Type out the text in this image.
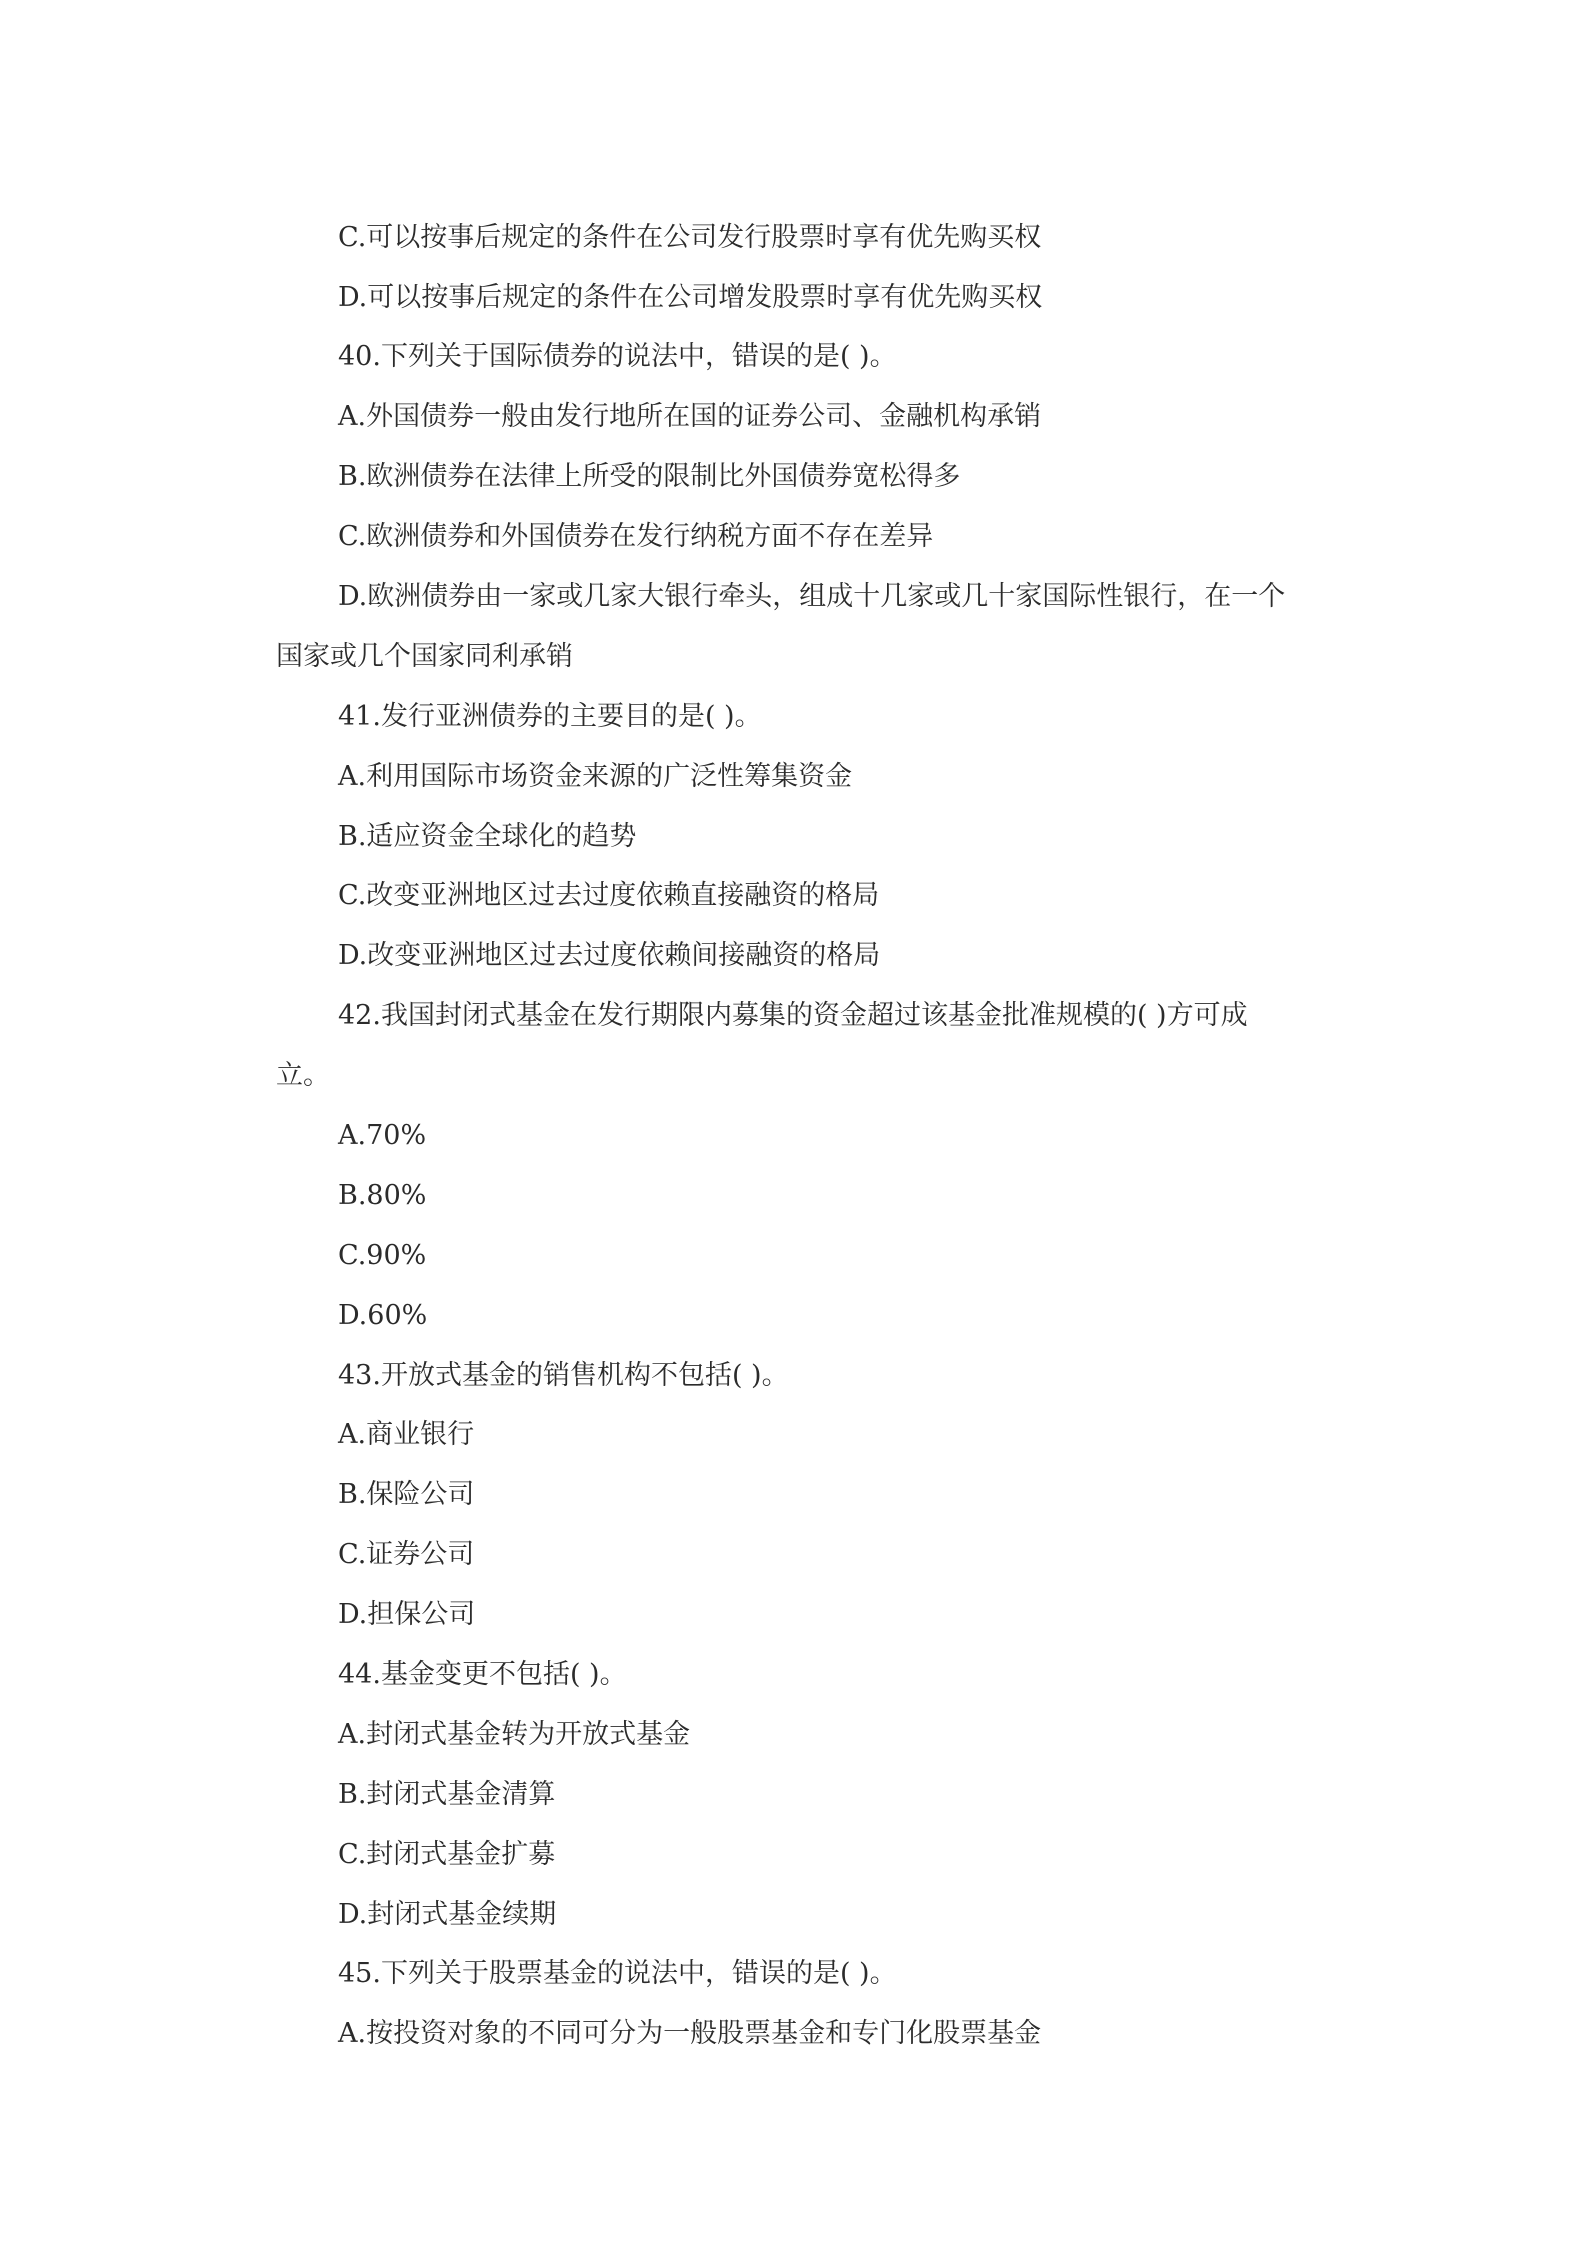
C.可以按事后规定的条件在公司发行股票时享有优先购买权
D.可以按事后规定的条件在公司增发股票时享有优先购买权
40.下列关于国际债券的说法中，错误的是( )。
A.外国债券一般由发行地所在国的证券公司、金融机构承销
B.欧洲债券在法律上所受的限制比外国债券宽松得多
C.欧洲债券和外国债券在发行纳税方面不存在差异
D.欧洲债券由一家或几家大银行牵头，组成十几家或几十家国际性银行，在一个
国家或几个国家同利承销
41.发行亚洲债券的主要目的是( )。
A.利用国际市场资金来源的广泛性筹集资金
B.适应资金全球化的趋势
C.改变亚洲地区过去过度依赖直接融资的格局
D.改变亚洲地区过去过度依赖间接融资的格局
42.我国封闭式基金在发行期限内募集的资金超过该基金批准规模的( )方可成
立。
A.70%
B.80%
C.90%
D.60%
43.开放式基金的销售机构不包括( )。
A.商业银行
B.保险公司
C.证券公司
D.担保公司
44.基金变更不包括( )。
A.封闭式基金转为开放式基金
B.封闭式基金清算
C.封闭式基金扩募
D.封闭式基金续期
45.下列关于股票基金的说法中，错误的是( )。
A.按投资对象的不同可分为一般股票基金和专门化股票基金
